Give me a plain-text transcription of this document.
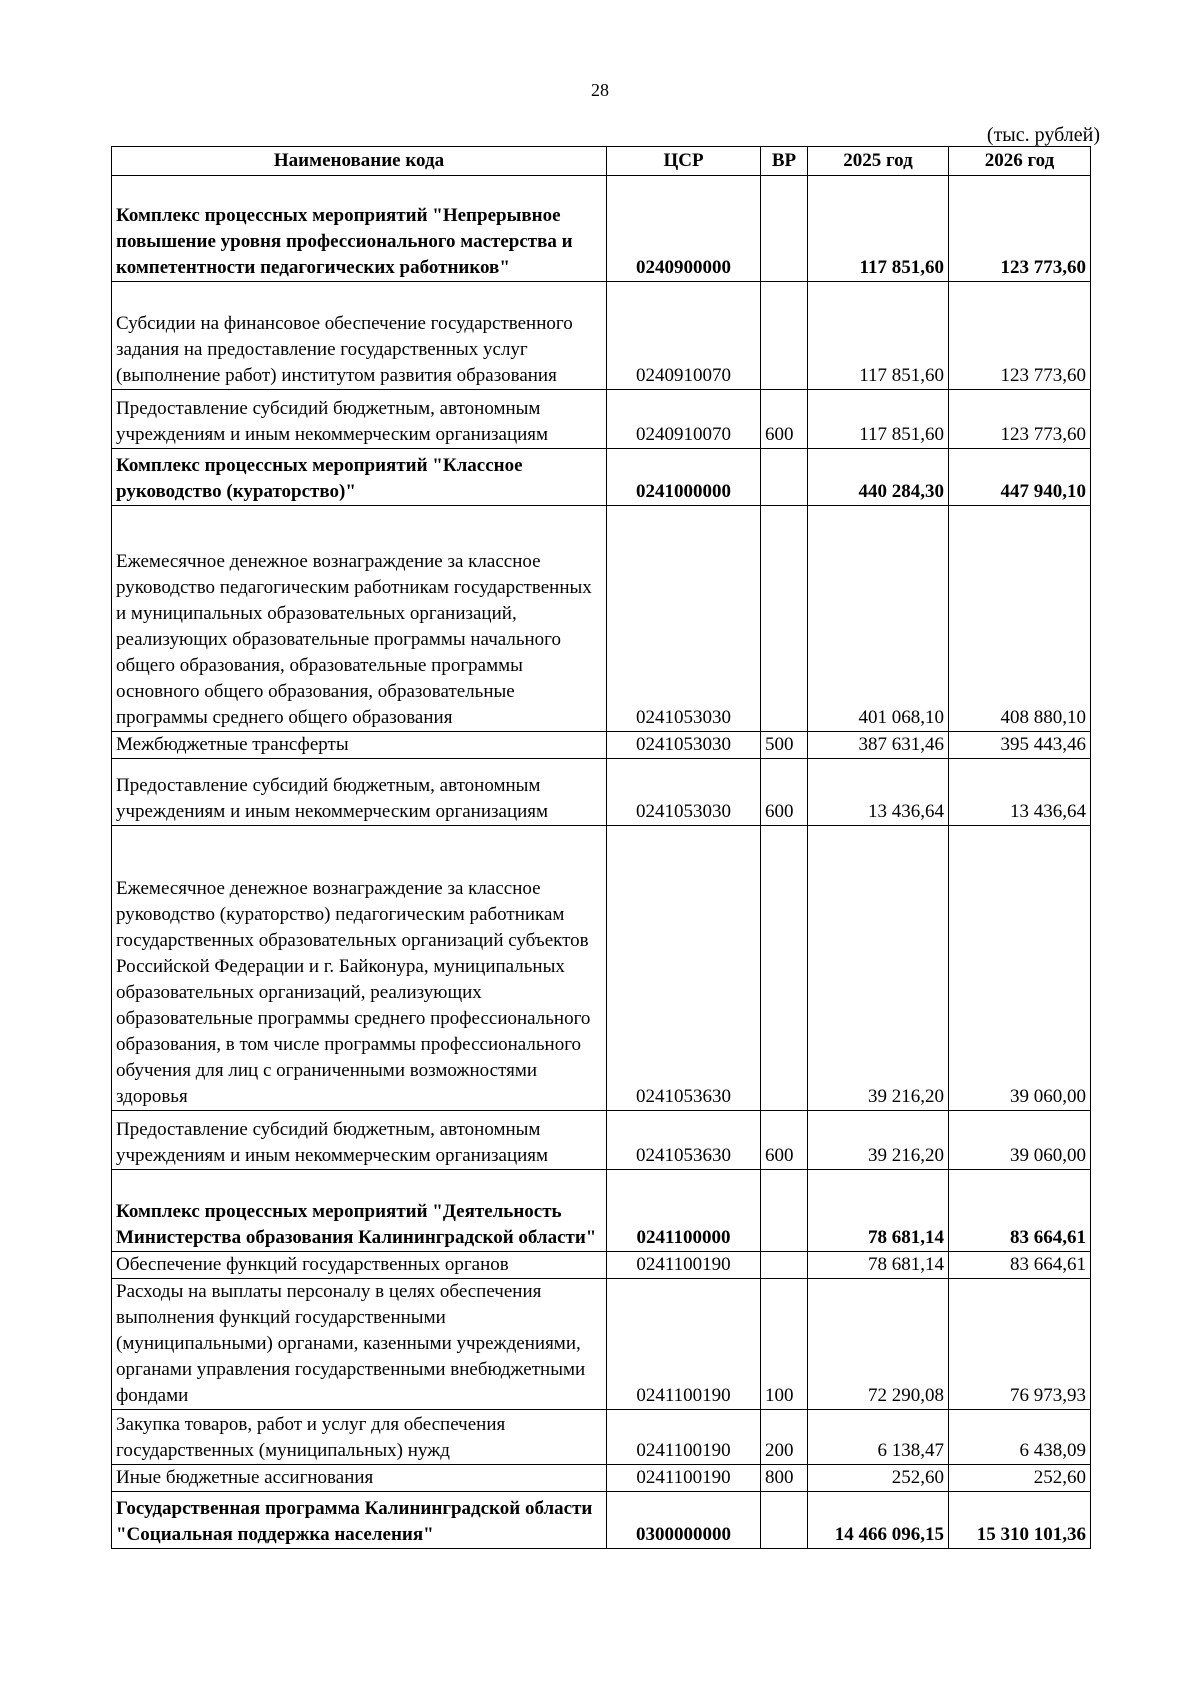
28
(тыс. рублей)
Наименование кода	ЦСР	ВР	2025 год	2026 год
Комплекс процессных мероприятий "Непрерывное повышение уровня профессионального мастерства и компетентности педагогических работников"	0240900000		117 851,60	123 773,60
Субсидии на финансовое обеспечение государственного задания на предоставление государственных услуг (выполнение работ) институтом развития образования	0240910070		117 851,60	123 773,60
Предоставление субсидий бюджетным, автономным учреждениям и иным некоммерческим организациям	0240910070	600	117 851,60	123 773,60
Комплекс процессных мероприятий "Классное руководство (кураторство)"	0241000000		440 284,30	447 940,10
Ежемесячное денежное вознаграждение за классное руководство педагогическим работникам государственных и муниципальных образовательных организаций, реализующих образовательные программы начального общего образования, образовательные программы основного общего образования, образовательные программы среднего общего образования	0241053030		401 068,10	408 880,10
Межбюджетные трансферты	0241053030	500	387 631,46	395 443,46
Предоставление субсидий бюджетным, автономным учреждениям и иным некоммерческим организациям	0241053030	600	13 436,64	13 436,64
Ежемесячное денежное вознаграждение за классное руководство (кураторство) педагогическим работникам государственных образовательных организаций субъектов Российской Федерации и г. Байконура, муниципальных образовательных организаций, реализующих образовательные программы среднего профессионального образования, в том числе программы профессионального обучения для лиц с ограниченными возможностями здоровья	0241053630		39 216,20	39 060,00
Предоставление субсидий бюджетным, автономным учреждениям и иным некоммерческим организациям	0241053630	600	39 216,20	39 060,00
Комплекс процессных мероприятий "Деятельность Министерства образования Калининградской области"	0241100000		78 681,14	83 664,61
Обеспечение функций государственных органов	0241100190		78 681,14	83 664,61
Расходы на выплаты персоналу в целях обеспечения выполнения функций государственными (муниципальными) органами, казенными учреждениями, органами управления государственными внебюджетными фондами	0241100190	100	72 290,08	76 973,93
Закупка товаров, работ и услуг для обеспечения государственных (муниципальных) нужд	0241100190	200	6 138,47	6 438,09
Иные бюджетные ассигнования	0241100190	800	252,60	252,60
Государственная программа Калининградской области "Социальная поддержка населения"	0300000000		14 466 096,15	15 310 101,36
